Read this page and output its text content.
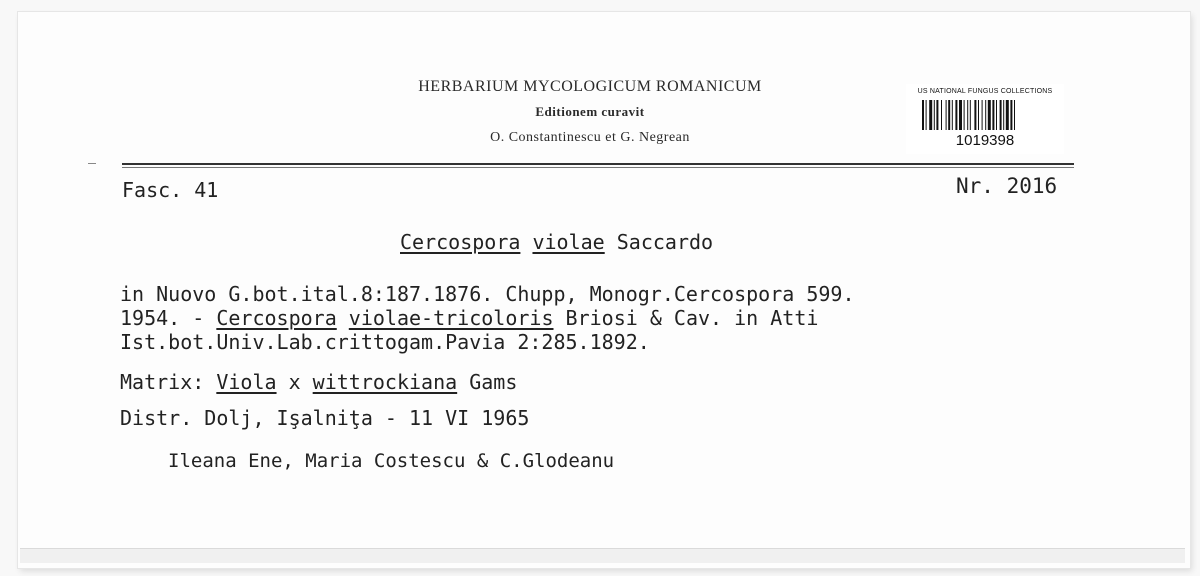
HERBARIUM MYCOLOGICUM ROMANICUM
Editionem curavit
O. Constantinescu et G. Negrean
US NATIONAL FUNGUS COLLECTIONS
1019398
Fasc. 41	Nr. 2016
Cercospora violae Saccardo
in Nuovo G.bot.ital.8:187.1876. Chupp, Monogr.Cercospora 599.
1954. - Cercospora violae-tricoloris Briosi & Cav. in Atti
Ist.bot.Univ.Lab.crittogam.Pavia 2:285.1892.
Matrix: Viola x wittrockiana Gams
Distr. Dolj, Işalniţa - 11 VI 1965
Ileana Ene, Maria Costescu & C.Glodeanu
